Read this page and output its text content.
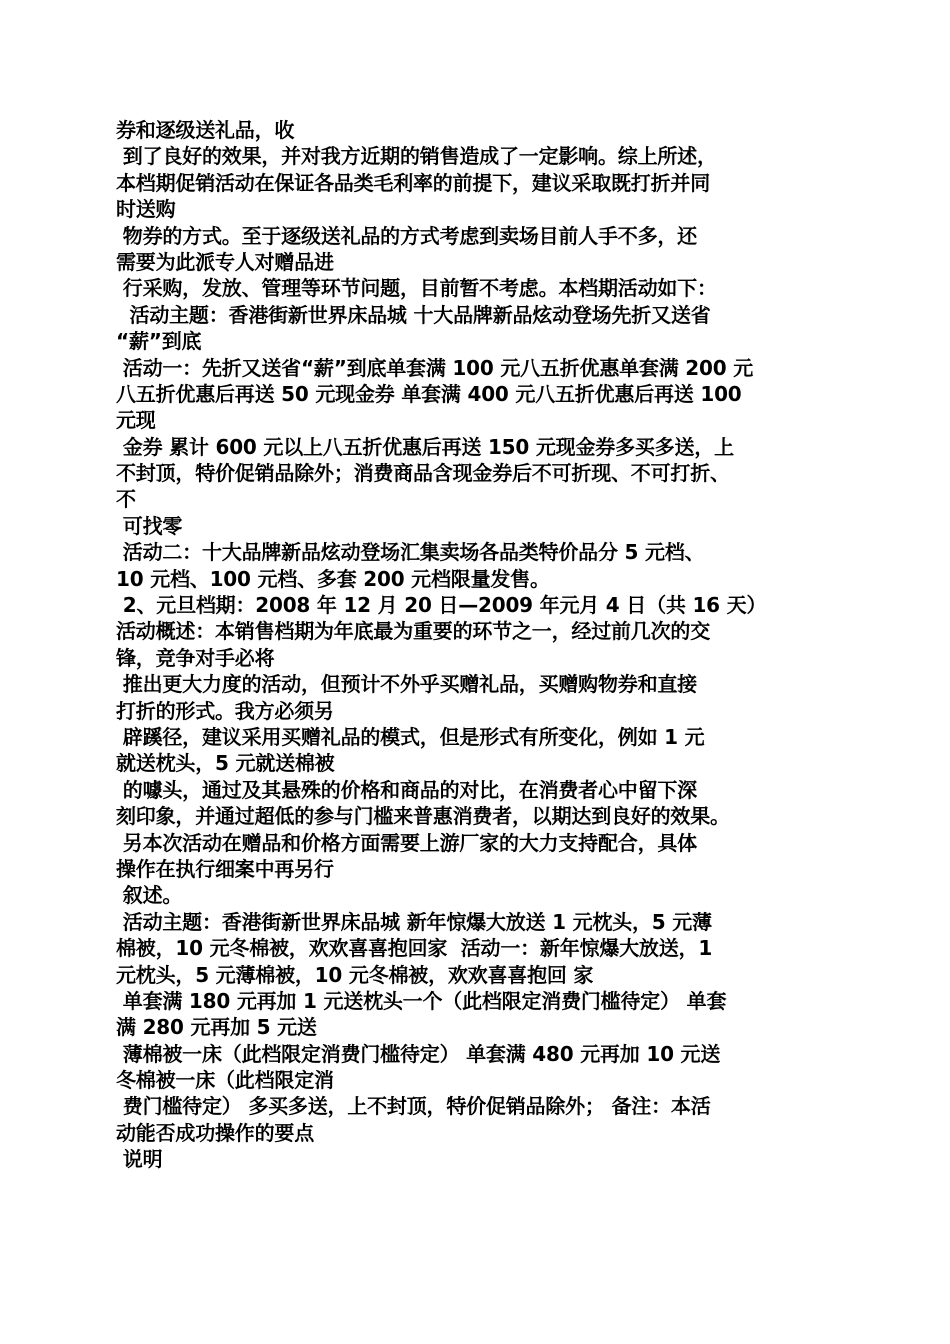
券和逐级送礼品，收
到了良好的效果，并对我方近期的销售造成了一定影响。综上所述，
本档期促销活动在保证各品类毛利率的前提下，建议采取既打折并同
时送购
物券的方式。至于逐级送礼品的方式考虑到卖场目前人手不多，还
需要为此派专人对赠品进
行采购，发放、管理等环节问题，目前暂不考虑。本档期活动如下：
活动主题：香港街新世界床品城 十大品牌新品炫动登场先折又送省
“薪”到底
活动一：先折又送省“薪”到底单套满 100 元八五折优惠单套满 200 元
八五折优惠后再送 50 元现金券 单套满 400 元八五折优惠后再送 100
元现
金券 累计 600 元以上八五折优惠后再送 150 元现金券多买多送，上
不封顶，特价促销品除外；消费商品含现金券后不可折现、不可打折、
不
可找零
活动二：十大品牌新品炫动登场汇集卖场各品类特价品分 5 元档、
10 元档、100 元档、多套 200 元档限量发售。
2、元旦档期：2008 年 12 月 20 日—2009 年元月 4 日（共 16 天）
活动概述：本销售档期为年底最为重要的环节之一，经过前几次的交
锋，竞争对手必将
推出更大力度的活动，但预计不外乎买赠礼品，买赠购物券和直接
打折的形式。我方必须另
辟蹊径，建议采用买赠礼品的模式，但是形式有所变化，例如 1 元
就送枕头，5 元就送棉被
的噱头，通过及其悬殊的价格和商品的对比，在消费者心中留下深
刻印象，并通过超低的参与门槛来普惠消费者，以期达到良好的效果。
另本次活动在赠品和价格方面需要上游厂家的大力支持配合，具体
操作在执行细案中再另行
叙述。
活动主题：香港街新世界床品城 新年惊爆大放送 1 元枕头，5 元薄
棉被，10 元冬棉被，欢欢喜喜抱回家  活动一：新年惊爆大放送，1
元枕头，5 元薄棉被，10 元冬棉被，欢欢喜喜抱回 家
单套满 180 元再加 1 元送枕头一个（此档限定消费门槛待定） 单套
满 280 元再加 5 元送
薄棉被一床（此档限定消费门槛待定） 单套满 480 元再加 10 元送
冬棉被一床（此档限定消
费门槛待定） 多买多送，上不封顶，特价促销品除外； 备注：本活
动能否成功操作的要点
说明
